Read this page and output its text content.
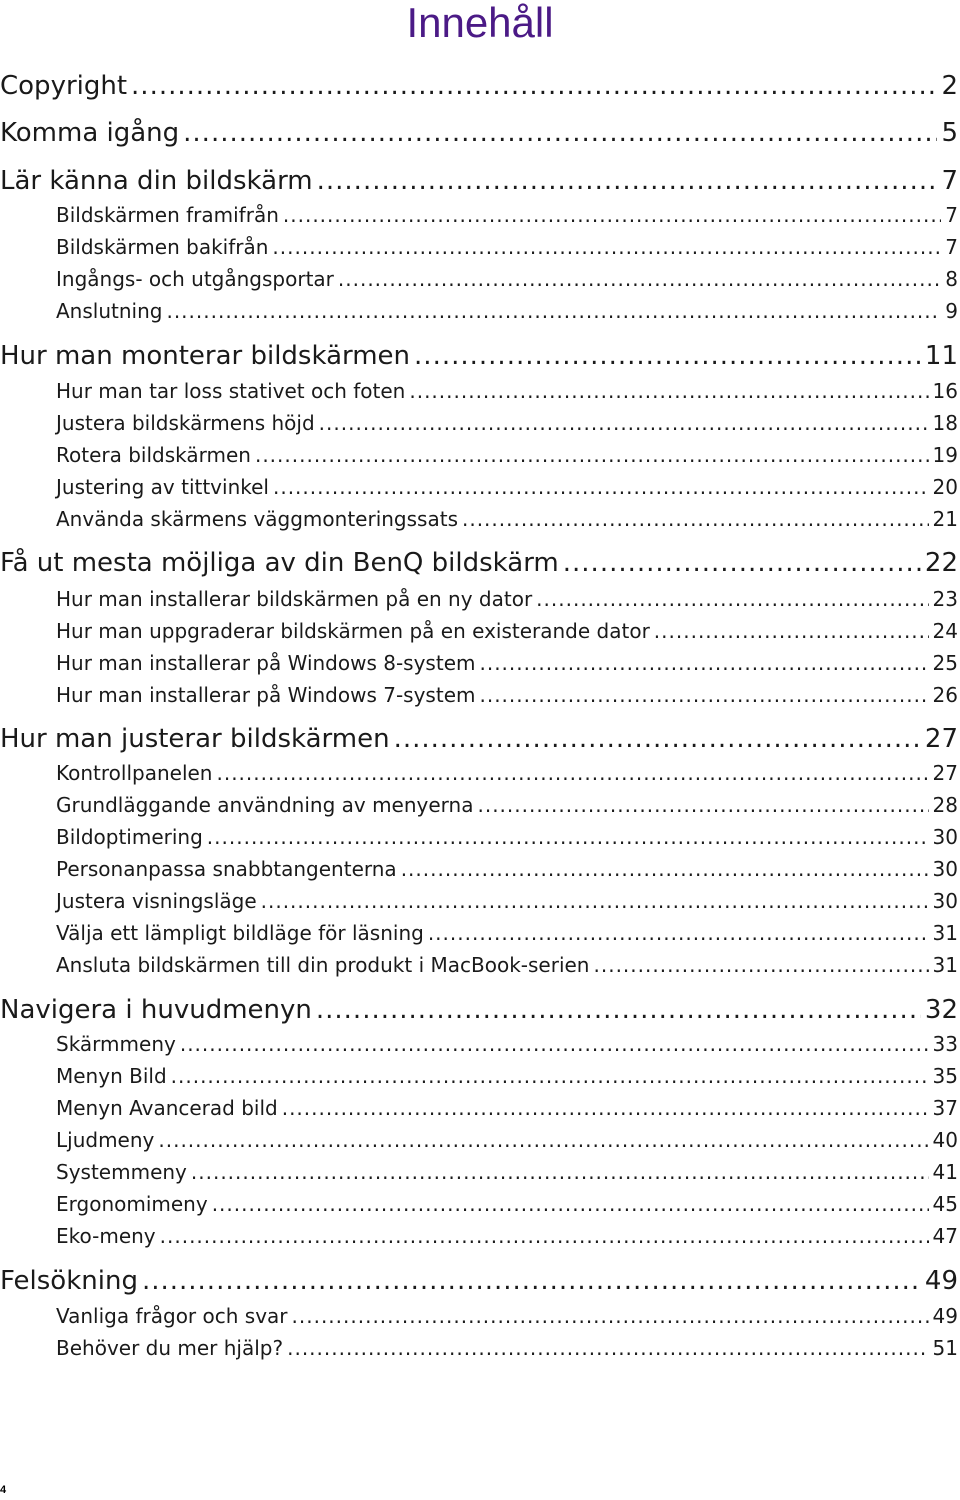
Innehåll
Copyright .....	2
Komma igång .....	5
Lär känna din bildskärm .....	7
Bildskärmen framifrån .....	7
Bildskärmen bakifrån .....	7
Ingångs- och utgångsportar .....	8
Anslutning .....	9
Hur man monterar bildskärmen .....	11
Hur man tar loss stativet och foten .....	16
Justera bildskärmens höjd .....	18
Rotera bildskärmen .....	19
Justering av tittvinkel .....	20
Använda skärmens väggmonteringssats .....	21
Få ut mesta möjliga av din BenQ bildskärm .....	22
Hur man installerar bildskärmen på en ny dator .....	23
Hur man uppgraderar bildskärmen på en existerande dator .....	24
Hur man installerar på Windows 8-system .....	25
Hur man installerar på Windows 7-system .....	26
Hur man justerar bildskärmen .....	27
Kontrollpanelen .....	27
Grundläggande användning av menyerna .....	28
Bildoptimering .....	30
Personanpassa snabbtangenterna .....	30
Justera visningsläge .....	30
Välja ett lämpligt bildläge för läsning .....	31
Ansluta bildskärmen till din produkt i MacBook-serien .....	31
Navigera i huvudmenyn .....	32
Skärmmeny .....	33
Menyn Bild .....	35
Menyn Avancerad bild .....	37
Ljudmeny .....	40
Systemmeny .....	41
Ergonomimeny .....	45
Eko-meny .....	47
Felsökning .....	49
Vanliga frågor och svar .....	49
Behöver du mer hjälp? .....	51
4
